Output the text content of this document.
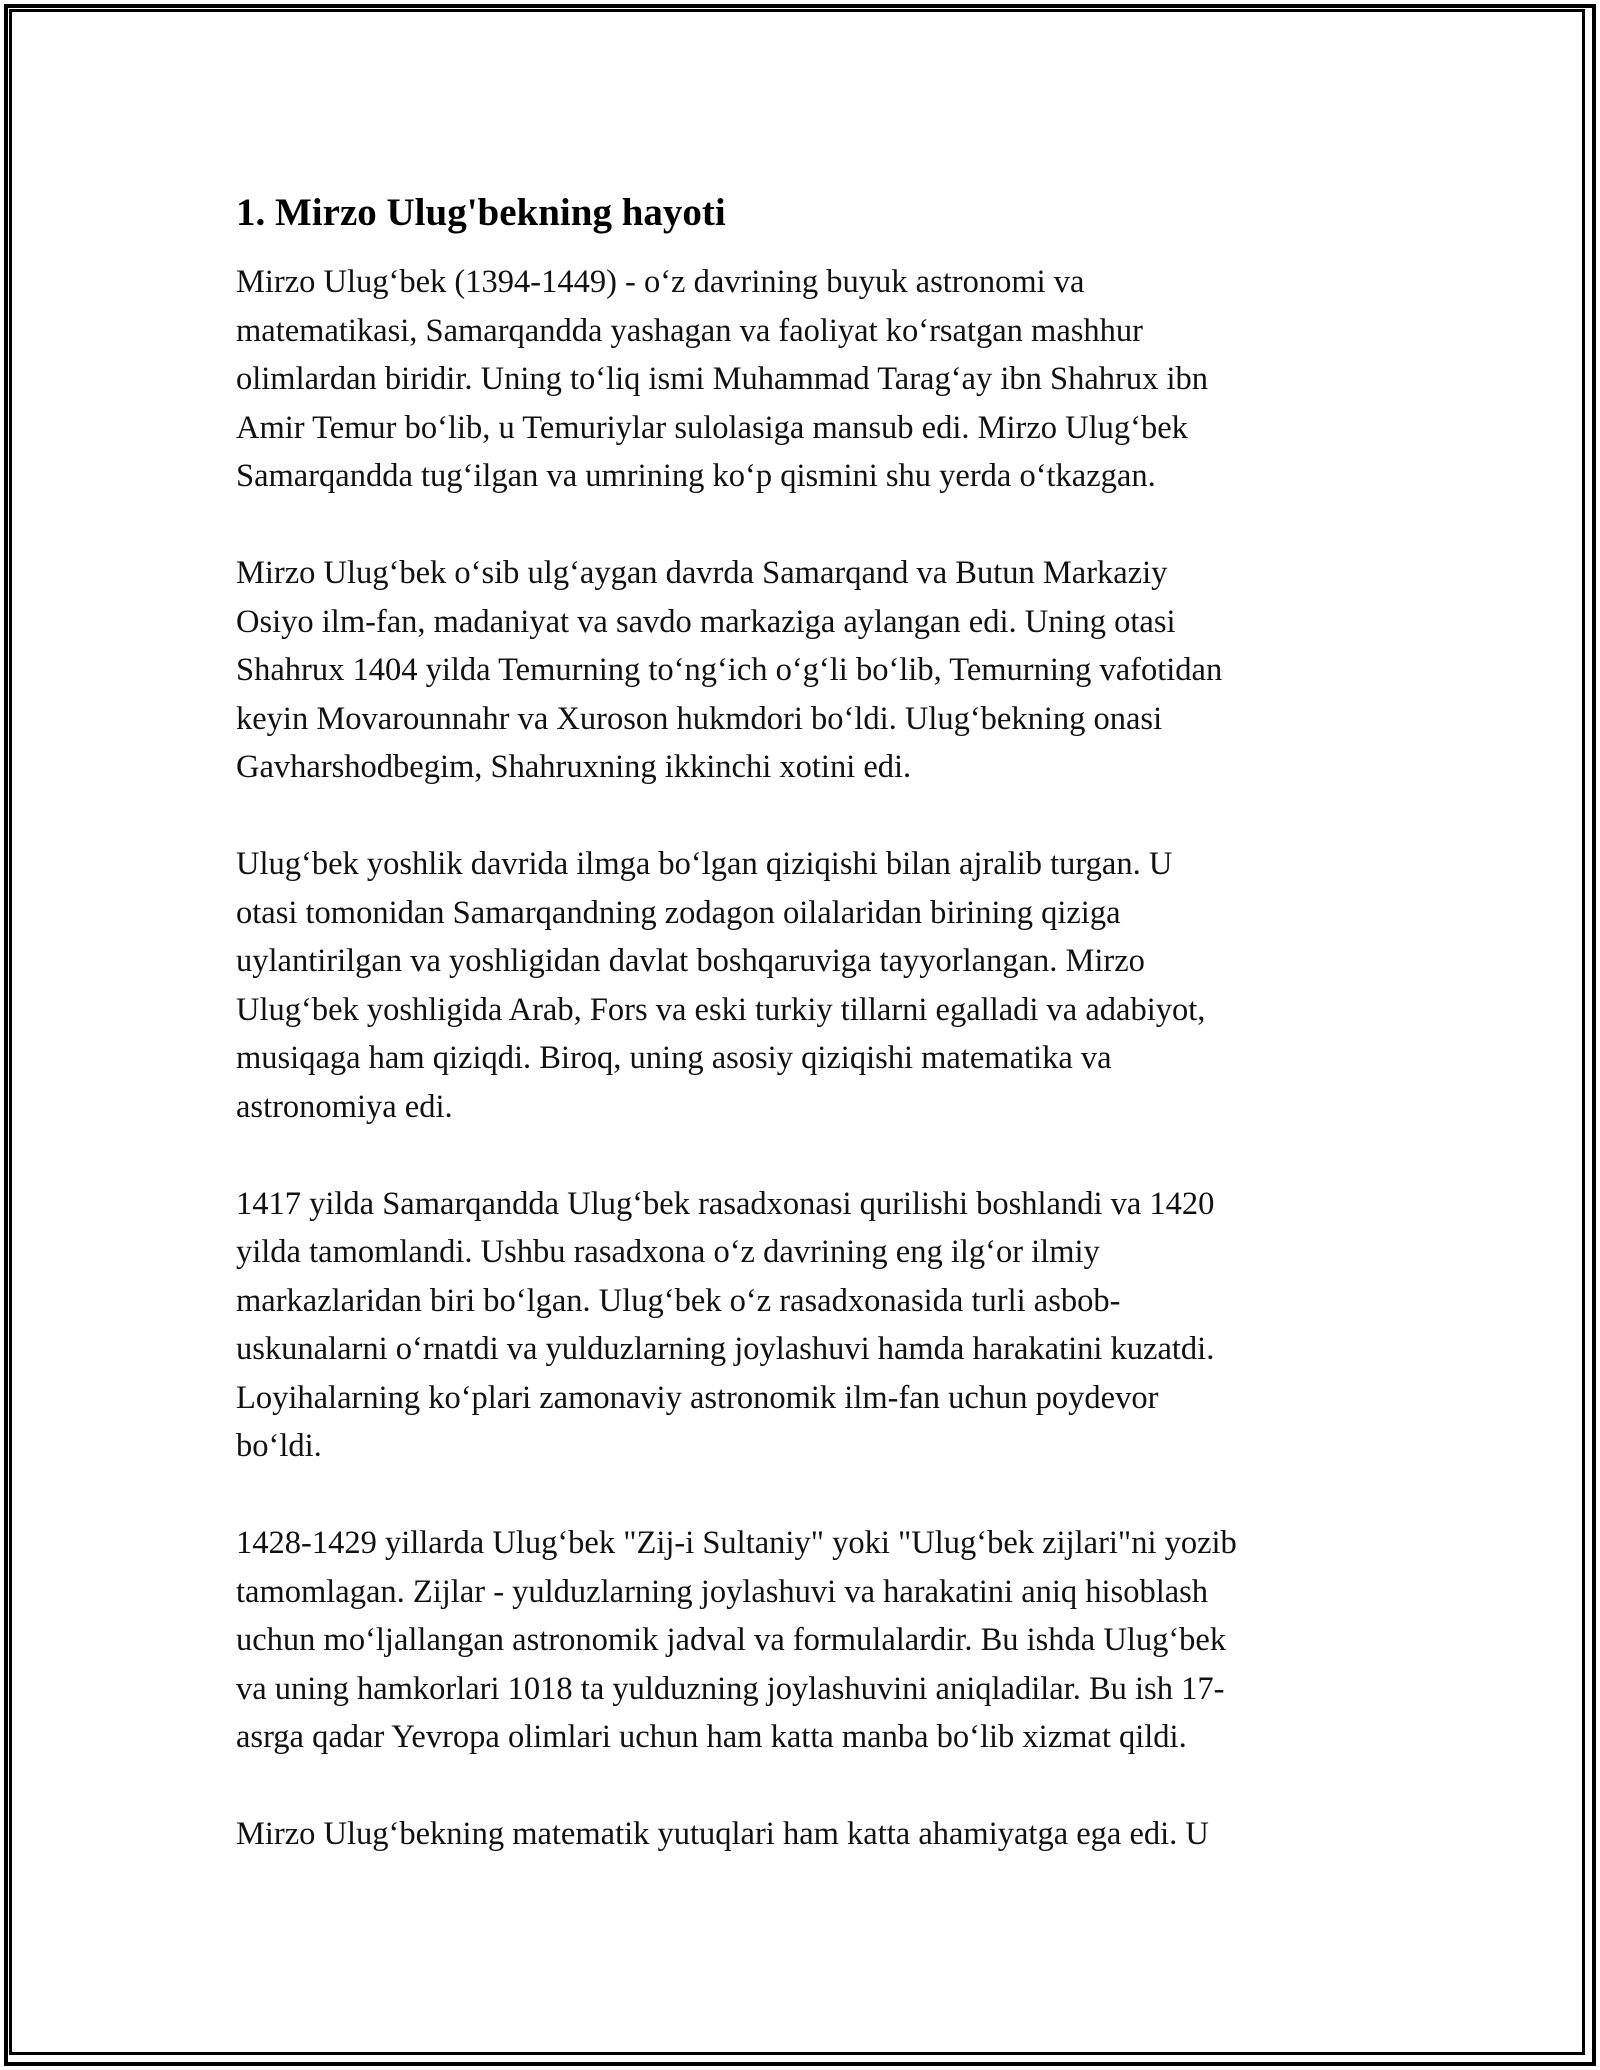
1. Mirzo Ulug'bekning hayoti

Mirzo Ulug‘bek (1394-1449) - o‘z davrining buyuk astronomi va
matematikasi, Samarqandda yashagan va faoliyat ko‘rsatgan mashhur
olimlardan biridir. Uning to‘liq ismi Muhammad Tarag‘ay ibn Shahrux ibn
Amir Temur bo‘lib, u Temuriylar sulolasiga mansub edi. Mirzo Ulug‘bek
Samarqandda tug‘ilgan va umrining ko‘p qismini shu yerda o‘tkazgan.

Mirzo Ulug‘bek o‘sib ulg‘aygan davrda Samarqand va Butun Markaziy
Osiyo ilm-fan, madaniyat va savdo markaziga aylangan edi. Uning otasi
Shahrux 1404 yilda Temurning to‘ng‘ich o‘g‘li bo‘lib, Temurning vafotidan
keyin Movarounnahr va Xuroson hukmdori bo‘ldi. Ulug‘bekning onasi
Gavharshodbegim, Shahruxning ikkinchi xotini edi.

Ulug‘bek yoshlik davrida ilmga bo‘lgan qiziqishi bilan ajralib turgan. U
otasi tomonidan Samarqandning zodagon oilalaridan birining qiziga
uylantirilgan va yoshligidan davlat boshqaruviga tayyorlangan. Mirzo
Ulug‘bek yoshligida Arab, Fors va eski turkiy tillarni egalladi va adabiyot,
musiqaga ham qiziqdi. Biroq, uning asosiy qiziqishi matematika va
astronomiya edi.

1417 yilda Samarqandda Ulug‘bek rasadxonasi qurilishi boshlandi va 1420
yilda tamomlandi. Ushbu rasadxona o‘z davrining eng ilg‘or ilmiy
markazlaridan biri bo‘lgan. Ulug‘bek o‘z rasadxonasida turli asbob-
uskunalarni o‘rnatdi va yulduzlarning joylashuvi hamda harakatini kuzatdi.
Loyihalarning ko‘plari zamonaviy astronomik ilm-fan uchun poydevor
bo‘ldi.

1428-1429 yillarda Ulug‘bek "Zij-i Sultaniy" yoki "Ulug‘bek zijlari"ni yozib
tamomlagan. Zijlar - yulduzlarning joylashuvi va harakatini aniq hisoblash
uchun mo‘ljallangan astronomik jadval va formulalardir. Bu ishda Ulug‘bek
va uning hamkorlari 1018 ta yulduzning joylashuvini aniqladilar. Bu ish 17-
asrga qadar Yevropa olimlari uchun ham katta manba bo‘lib xizmat qildi.

Mirzo Ulug‘bekning matematik yutuqlari ham katta ahamiyatga ega edi. U
